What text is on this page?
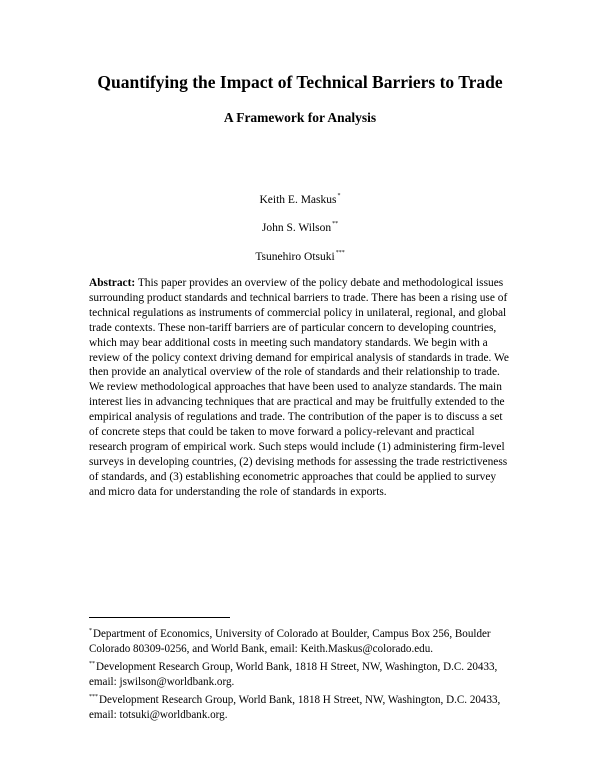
Quantifying the Impact of Technical Barriers to Trade
A Framework for Analysis
Keith E. Maskus*
John S. Wilson**
Tsunehiro Otsuki***
Abstract: This paper provides an overview of the policy debate and methodological issues surrounding product standards and technical barriers to trade. There has been a rising use of technical regulations as instruments of commercial policy in unilateral, regional, and global trade contexts. These non-tariff barriers are of particular concern to developing countries, which may bear additional costs in meeting such mandatory standards. We begin with a review of the policy context driving demand for empirical analysis of standards in trade. We then provide an analytical overview of the role of standards and their relationship to trade. We review methodological approaches that have been used to analyze standards. The main interest lies in advancing techniques that are practical and may be fruitfully extended to the empirical analysis of regulations and trade. The contribution of the paper is to discuss a set of concrete steps that could be taken to move forward a policy-relevant and practical research program of empirical work. Such steps would include (1) administering firm-level surveys in developing countries, (2) devising methods for assessing the trade restrictiveness of standards, and (3) establishing econometric approaches that could be applied to survey and micro data for understanding the role of standards in exports.

*Department of Economics, University of Colorado at Boulder, Campus Box 256, Boulder Colorado 80309-0256, and World Bank, email: Keith.Maskus@colorado.edu.

**Development Research Group, World Bank, 1818 H Street, NW, Washington, D.C. 20433, email: jswilson@worldbank.org.

***Development Research Group, World Bank, 1818 H Street, NW, Washington, D.C. 20433, email: totsuki@worldbank.org.
